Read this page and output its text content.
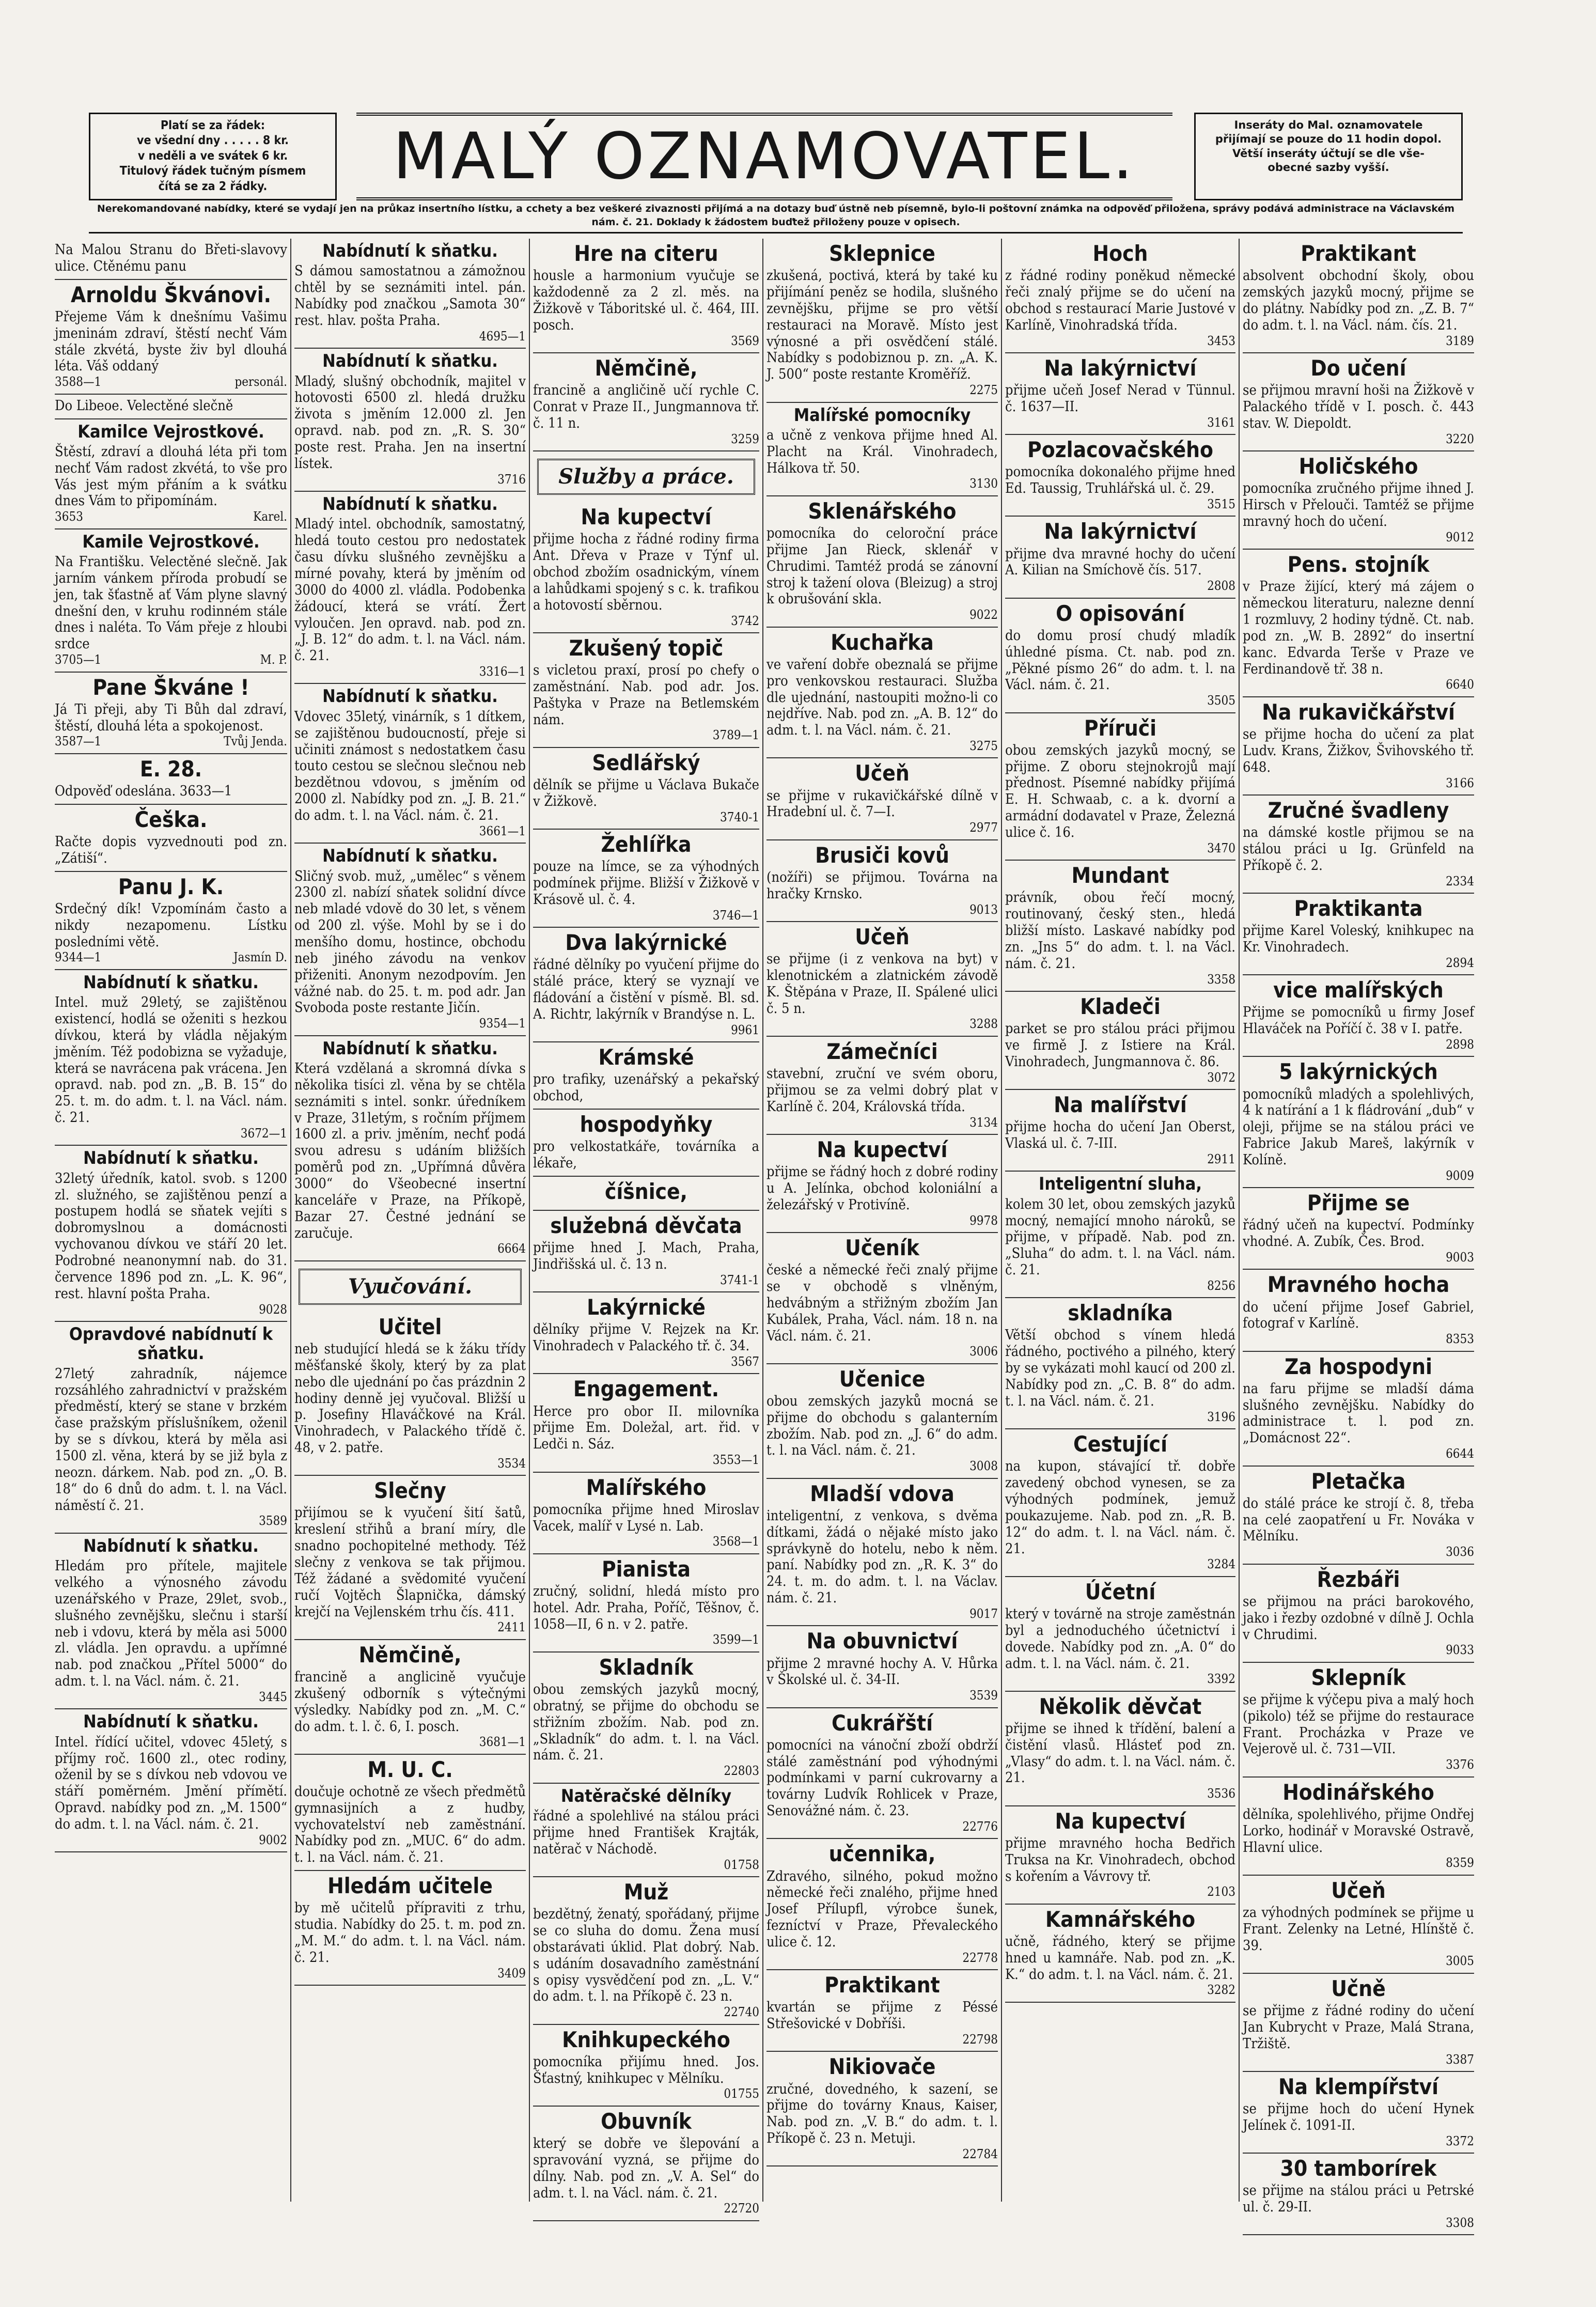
Platí se za řádek:
ve všední dny . . . . . 8 kr.
v neděli a ve svátek 6 kr.
Titulový řádek tučným písmem
čítá se za 2 řádky.	MALÝ OZNAMOVATEL.	Inseráty do Mal. oznamovatele
přijímají se pouze do 11 hodin dopol.
Větší inseráty účtují se dle vše-
obecné sazby vyšší.
Nerekomandované nabídky, které se vydají jen na průkaz insertního lístku, a cchety a bez veškeré zivaznosti přijímá a na dotazy buď ústně neb písemně, bylo-li poštovní známka na odpověď přiložena, správy podává administrace na Václavském nám. č. 21. Doklady k žádostem buďtež přiloženy pouze v opisech.
Na Malou Stranu do Břeti-slavovy ulice. Ctěnému panu
Arnoldu Škvánovi.
Přejeme Vám k dnešnímu Vašimu jmeninám zdraví, štěstí nechť Vám stále zkvétá, byste živ byl dlouhá léta. Váš oddaný
3588—1	personál.
Do Libeoe. Velectěné slečně
Kamilce Vejrostkové.
Štěstí, zdraví a dlouhá léta při tom nechť Vám radost zkvétá, to vše pro Vás jest mým přáním a k svátku dnes Vám to připomínám.
3653	Karel.
Kamile Vejrostkové.
Na Františku. Velectěné slečně. Jak jarním vánkem příroda probudí se jen, tak šťastně ať Vám plyne slavný dnešní den, v kruhu rodinném stále dnes i naléta. To Vám přeje z hloubi srdce
3705—1	M. P.
Pane Škváne !
Já Ti přeji, aby Ti Bůh dal zdraví, štěstí, dlouhá léta a spokojenost.
3587—1	Tvůj Jenda.
E. 28.
Odpověď odeslána. 3633—1
Češka.
Račte dopis vyzvednouti pod zn. „Zátiší“.
Panu J. K.
Srdečný dík! Vzpomínám často a nikdy nezapomenu. Lístku posledními větě.
9344—1	Jasmín D.
Nabídnutí k sňatku.
Intel. muž 29letý, se zajištěnou existencí, hodlá se oženiti s hezkou dívkou, která by vládla nějakým jměním. Též podobizna se vyžaduje, která se navrácena pak vrácena. Jen opravd. nab. pod zn. „B. B. 15“ do 25. t. m. do adm. t. l. na Václ. nám. č. 21.
3672—1
Nabídnutí k sňatku.
32letý úředník, katol. svob. s 1200 zl. služného, se zajištěnou penzí a postupem hodlá se sňatek vejíti s dobromyslnou a domácnosti vychovanou dívkou ve stáří 20 let. Podrobné neanonymní nab. do 31. července 1896 pod zn. „L. K. 96“, rest. hlavní pošta Praha.
9028
Opravdové nabídnutí k sňatku.
27letý zahradník, nájemce rozsáhlého zahradnictví v pražském předměstí, který se stane v brzkém čase pražským příslušníkem, oženil by se s dívkou, která by měla asi 1500 zl. věna, která by se již byla z neozn. dárkem. Nab. pod zn. „O. B. 18“ do 6 dnů do adm. t. l. na Václ. náměstí č. 21.
3589
Nabídnutí k sňatku.
Hledám pro přítele, majitele velkého a výnosného závodu uzenářského v Praze, 29let, svob., slušného zevnějšku, slečnu i starší neb i vdovu, která by měla asi 5000 zl. vládla. Jen opravdu. a upřímné nab. pod značkou „Přítel 5000“ do adm. t. l. na Václ. nám. č. 21.
3445
Nabídnutí k sňatku.
Intel. řídící učitel, vdovec 45letý, s příjmy roč. 1600 zl., otec rodiny, oženil by se s dívkou neb vdovou ve stáří poměrném. Jmění přímětí. Opravd. nabídky pod zn. „M. 1500“ do adm. t. l. na Václ. nám. č. 21.
9002
Nabídnutí k sňatku.
S dámou samostatnou a zámožnou chtěl by se seznámiti intel. pán. Nabídky pod značkou „Samota 30“ rest. hlav. pošta Praha.
4695—1
Nabídnutí k sňatku.
Mladý, slušný obchodník, majitel v hotovosti 6500 zl. hledá družku života s jměním 12.000 zl. Jen opravd. nab. pod zn. „R. S. 30“ poste rest. Praha. Jen na insertní lístek.
3716
Nabídnutí k sňatku.
Mladý intel. obchodník, samostatný, hledá touto cestou pro nedostatek času dívku slušného zevnějšku a mírné povahy, která by jměním od 3000 do 4000 zl. vládla. Podobenka žádoucí, která se vrátí. Žert vyloučen. Jen opravd. nab. pod zn. „J. B. 12“ do adm. t. l. na Václ. nám. č. 21.
3316—1
Nabídnutí k sňatku.
Vdovec 35letý, vinárník, s 1 dítkem, se zajištěnou budoucností, přeje si učiniti známost s nedostatkem času touto cestou se slečnou slečnou neb bezdětnou vdovou, s jměním od 2000 zl. Nabídky pod zn. „J. B. 21.“ do adm. t. l. na Václ. nám. č. 21.
3661—1
Nabídnutí k sňatku.
Sličný svob. muž, „umělec“ s věnem 2300 zl. nabízí sňatek solidní dívce neb mladé vdově do 30 let, s věnem od 200 zl. výše. Mohl by se i do menšího domu, hostince, obchodu neb jiného závodu na venkov přiženiti. Anonym nezodpovím. Jen vážné nab. do 25. t. m. pod adr. Jan Svoboda poste restante Jičín.
9354—1
Nabídnutí k sňatku.
Která vzdělaná a skromná dívka s několika tisíci zl. věna by se chtěla seznámiti s intel. sonkr. úředníkem v Praze, 31letým, s ročním příjmem 1600 zl. a priv. jměním, nechť podá svou adresu s udáním bližších poměrů pod zn. „Upřímná důvěra 3000“ do Všeobecné insertní kanceláře v Praze, na Příkopě, Bazar 27. Čestné jednání se zaručuje.
6664
Vyučování.
Učitel
neb studující hledá se k žáku třídy měšťanské školy, který by za plat nebo dle ujednání po čas prázdnin 2 hodiny denně jej vyučoval. Bližší u p. Josefiny Hlaváčkové na Král. Vinohradech, v Palackého třídě č. 48, v 2. patře.
3534
Slečny
přijímou se k vyučení šití šatů, kreslení střihů a braní míry, dle snadno pochopitelné methody. Též slečny z venkova se tak přijmou. Též žádané a svědomité vyučení ručí Vojtěch Šlapnička, dámský krejčí na Vejlenském trhu čís. 411.
2411
Němčině,
francině a anglicině vyučuje zkušený odborník s výtečnými výsledky. Nabídky pod zn. „M. C.“ do adm. t. l. č. 6, I. posch.
3681—1
M. U. C.
doučuje ochotně ze všech předmětů gymnasijních a z hudby, vychovatelství neb zaměstnání. Nabídky pod zn. „MUC. 6“ do adm. t. l. na Václ. nám. č. 21.
Hledám učitele
by mě učitelů přípraviti z trhu, studia. Nabídky do 25. t. m. pod zn. „M. M.“ do adm. t. l. na Václ. nám. č. 21.
3409
Hre na citeru
housle a harmonium vyučuje se každodenně za 2 zl. měs. na Žižkově v Táboritské ul. č. 464, III. posch.
3569
Němčině,
francině a angličině učí rychle C. Conrat v Praze II., Jungmannova tř. č. 11 n.
3259
Služby a práce.
Na kupectví
přijme hocha z řádné rodiny firma Ant. Dřeva v Praze v Týnf ul. obchod zbožím osadnickým, vínem a lahůdkami spojený s c. k. trafikou a hotovostí sběrnou.
3742
Zkušený topič
s vicletou praxí, prosí po chefy o zaměstnání. Nab. pod adr. Jos. Paštyka v Praze na Betlemském nám.
3789—1
Sedlářský
dělník se přijme u Václava Bukače v Žižkově.
3740-1
Žehlířka
pouze na límce, se za výhodných podmínek přijme. Bližší v Žižkově v Krásově ul. č. 4.
3746—1
Dva lakýrnické
řádné dělníky po vyučení přijme do stálé práce, který se vyznají ve fládování a čistění v písmě. Bl. sd. A. Richtr, lakýrník v Brandýse n. L.
9961
Krámské
pro trafiky, uzenářský a pekařský obchod,
hospodyňky
pro velkostatkáře, továrníka a lékaře,
číšnice,
služebná děvčata
přijme hned J. Mach, Praha, Jindřišská ul. č. 13 n.
3741-1
Lakýrnické
dělníky přijme V. Rejzek na Kr. Vinohradech v Palackého tř. č. 34.
3567
Engagement.
Herce pro obor II. milovníka přijme Em. Doležal, art. řid. v Ledči n. Sáz.
3553—1
Malířského
pomocníka přijme hned Miroslav Vacek, malíř v Lysé n. Lab.
3568—1
Pianista
zručný, solidní, hledá místo pro hotel. Adr. Praha, Poříč, Těšnov, č. 1058—II, 6 n. v 2. patře.
3599—1
Skladník
obou zemských jazyků mocný, obratný, se přijme do obchodu se střižním zbožím. Nab. pod zn. „Skladník“ do adm. t. l. na Václ. nám. č. 21.
22803
Natěračské dělníky
řádné a spolehlivé na stálou práci přijme hned František Krajták, natěrač v Náchodě.
01758
Muž
bezdětný, ženatý, spořádaný, přijme se co sluha do domu. Žena musí obstarávati úklid. Plat dobrý. Nab. s udáním dosavadního zaměstnání s opisy vysvědčení pod zn. „L. V.“ do adm. t. l. na Příkopě č. 23 n.
22740
Knihkupeckého
pomocníka přijímu hned. Jos. Šťastný, knihkupec v Mělníku.
01755
Obuvník
který se dobře ve šlepování a spravování vyzná, se přijme do dílny. Nab. pod zn. „V. A. Sel“ do adm. t. l. na Václ. nám. č. 21.
22720
Sklepnice
zkušená, poctivá, která by také ku přijímání peněz se hodila, slušného zevnějšku, přijme se pro větší restauraci na Moravě. Místo jest výnosné a při osvědčení stálé. Nabídky s podobiznou p. zn. „A. K. J. 500“ poste restante Kroměříž.
2275
Malířské pomocníky
a učně z venkova přijme hned Al. Placht na Král. Vinohradech, Hálkova tř. 50.
3130
Sklenářského
pomocníka do celoroční práce přijme Jan Rieck, sklenář v Chrudimi. Tamtéž prodá se zánovní stroj k tažení olova (Bleizug) a stroj k obrušování skla.
9022
Kuchařka
ve vaření dobře obeznalá se přijme pro venkovskou restauraci. Služba dle ujednání, nastoupiti možno-li co nejdříve. Nab. pod zn. „A. B. 12“ do adm. t. l. na Václ. nám. č. 21.
3275
Učeň
se přijme v rukavičkářské dílně v Hradební ul. č. 7—I.
2977
Brusiči kovů
(nožíři) se přijmou. Továrna na hračky Krnsko.
9013
Učeň
se přijme (i z venkova na byt) v klenotnickém a zlatnickém závodě K. Štěpána v Praze, II. Spálené ulici č. 5 n.
3288
Zámečníci
stavební, zruční ve svém oboru, přijmou se za velmi dobrý plat v Karlíně č. 204, Královská třída.
3134
Na kupectví
přijme se řádný hoch z dobré rodiny u A. Jelínka, obchod koloniální a železářský v Protivíně.
9978
Učeník
české a německé řeči znalý přijme se v obchodě s vlněným, hedvábným a střižným zbožím Jan Kubálek, Praha, Václ. nám. 18 n. na Václ. nám. č. 21.
3006
Učenice
obou zemských jazyků mocná se přijme do obchodu s galanterním zbožím. Nab. pod zn. „J. 6“ do adm. t. l. na Václ. nám. č. 21.
3008
Mladší vdova
inteligentní, z venkova, s dvěma dítkami, žádá o nějaké místo jako správkyně do hotelu, nebo k něm. paní. Nabídky pod zn. „R. K. 3“ do 24. t. m. do adm. t. l. na Václav. nám. č. 21.
9017
Na obuvnictví
přijme 2 mravné hochy A. V. Hůrka v Školské ul. č. 34-II.
3539
Cukrářští
pomocníci na vánoční zboží obdrží stálé zaměstnání pod výhodnými podmínkami v parní cukrovarny a továrny Ludvík Rohlicek v Praze, Senovážné nám. č. 23.
22776
učennika,
Zdravého, silného, pokud možno německé řeči znalého, přijme hned Josef Přílupfl, výrobce šunek, fezníctví v Praze, Převaleckého ulice č. 12.
22778
Praktikant
kvartán se přijme z Péssé Střešovické v Dobříši.
22798
Nikiovače
zručné, dovedného, k sazení, se přijme do továrny Knaus, Kaiser, Nab. pod zn. „V. B.“ do adm. t. l. Příkopě č. 23 n. Metuji.
22784
Hoch
z řádné rodiny poněkud německé řeči znalý přijme se do učení na obchod s restaurací Marie Justové v Karlíně, Vinohradská třída.
3453
Na lakýrnictví
přijme učeň Josef Nerad v Tünnul. č. 1637—II.
3161
Pozlacovačského
pomocníka dokonalého přijme hned Ed. Taussig, Truhlářská ul. č. 29.
3515
Na lakýrnictví
přijme dva mravné hochy do učení A. Kilian na Smíchově čís. 517.
2808
O opisování
do domu prosí chudý mladík úhledné písma. Ct. nab. pod zn. „Pěkné písmo 26“ do adm. t. l. na Václ. nám. č. 21.
3505
Příruči
obou zemských jazyků mocný, se přijme. Z oboru stejnokrojů mají přednost. Písemné nabídky přijímá E. H. Schwaab, c. a k. dvorní a armádní dodavatel v Praze, Železná ulice č. 16.
3470
Mundant
právník, obou řečí mocný, routinovaný, český sten., hledá bližší místo. Laskavé nabídky pod zn. „Jns 5“ do adm. t. l. na Václ. nám. č. 21.
3358
Kladeči
parket se pro stálou práci přijmou ve firmě J. z Istiere na Král. Vinohradech, Jungmannova č. 86.
3072
Na malířství
přijme hocha do učení Jan Oberst, Vlaská ul. č. 7-III.
2911
Inteligentní sluha,
kolem 30 let, obou zemských jazyků mocný, nemající mnoho nároků, se přijme, v případě. Nab. pod zn. „Sluha“ do adm. t. l. na Václ. nám. č. 21.
8256
skladníka
Větší obchod s vínem hledá řádného, poctivého a pilného, který by se vykázati mohl kaucí od 200 zl. Nabídky pod zn. „C. B. 8“ do adm. t. l. na Václ. nám. č. 21.
3196
Cestující
na kupon, stávající tř. dobře zavedený obchod vynesen, se za výhodných podmínek, jemuž poukazujeme. Nab. pod zn. „R. B. 12“ do adm. t. l. na Václ. nám. č. 21.
3284
Účetní
který v továrně na stroje zaměstnán byl a jednoduchého účetnictví i dovede. Nabídky pod zn. „A. 0“ do adm. t. l. na Václ. nám. č. 21.
3392
Několik děvčat
přijme se ihned k třídění, balení a čistění vlasů. Hlásteť pod zn. „Vlasy“ do adm. t. l. na Václ. nám. č. 21.
3536
Na kupectví
přijme mravného hocha Bedřich Truksa na Kr. Vinohradech, obchod s kořením a Vávrovy tř.
2103
Kamnářského
učně, řádného, který se přijme hned u kamnáře. Nab. pod zn. „K. K.“ do adm. t. l. na Václ. nám. č. 21.
3282
Praktikant
absolvent obchodní školy, obou zemských jazyků mocný, přijme se do plátny. Nabídky pod zn. „Z. B. 7“ do adm. t. l. na Václ. nám. čís. 21.
3189
Do učení
se přijmou mravní hoši na Žižkově v Palackého třídě v I. posch. č. 443 stav. W. Diepoldt.
3220
Holičského
pomocníka zručného přijme ihned J. Hirsch v Přelouči. Tamtéž se přijme mravný hoch do učení.
9012
Pens. stojník
v Praze žijící, který má zájem o německou literaturu, nalezne denní 1 rozmluvy, 2 hodiny týdně. Ct. nab. pod zn. „W. B. 2892“ do insertní kanc. Edvarda Terše v Praze ve Ferdinandově tř. 38 n.
6640
Na rukavičkářství
se přijme hocha do učení za plat Ludv. Krans, Žižkov, Švihovského tř. 648.
3166
Zručné švadleny
na dámské kostle přijmou se na stálou práci u Ig. Grünfeld na Příkopě č. 2.
2334
Praktikanta
přijme Karel Voleský, knihkupec na Kr. Vinohradech.
2894
vice malířských
Přijme se pomocníků u firmy Josef Hlaváček na Poříčí č. 38 v I. patře.
2898
5 lakýrnických
pomocníků mladých a spolehlivých, 4 k natírání a 1 k fládrování „dub“ v oleji, přijme se na stálou práci ve Fabrice Jakub Mareš, lakýrník v Kolíně.
9009
Přijme se
řádný učeň na kupectví. Podmínky vhodné. A. Zubík, Čes. Brod.
9003
Mravného hocha
do učení přijme Josef Gabriel, fotograf v Karlíně.
8353
Za hospodyni
na faru přijme se mladší dáma slušného zevnějšku. Nabídky do administrace t. l. pod zn. „Domácnost 22“.
6644
Pletačka
do stálé práce ke strojí č. 8, třeba na celé zaopatření u Fr. Nováka v Mělníku.
3036
Řezbáři
se přijmou na práci barokového, jako i řezby ozdobné v dílně J. Ochla v Chrudimi.
9033
Sklepník
se přijme k výčepu piva a malý hoch (pikolo) též se přijme do restaurace Frant. Procházka v Praze ve Vejerově ul. č. 731—VII.
3376
Hodinářského
dělníka, spolehlivého, přijme Ondřej Lorko, hodinář v Moravské Ostravě, Hlavní ulice.
8359
Učeň
za výhodných podmínek se přijme u Frant. Zelenky na Letné, Hlínště č. 39.
3005
Učně
se přijme z řádné rodiny do učení Jan Kubrycht v Praze, Malá Strana, Tržiště.
3387
Na klempířství
se přijme hoch do učení Hynek Jelínek č. 1091-II.
3372
30 tamborírek
se přijme na stálou práci u Petrské ul. č. 29-II.
3308
